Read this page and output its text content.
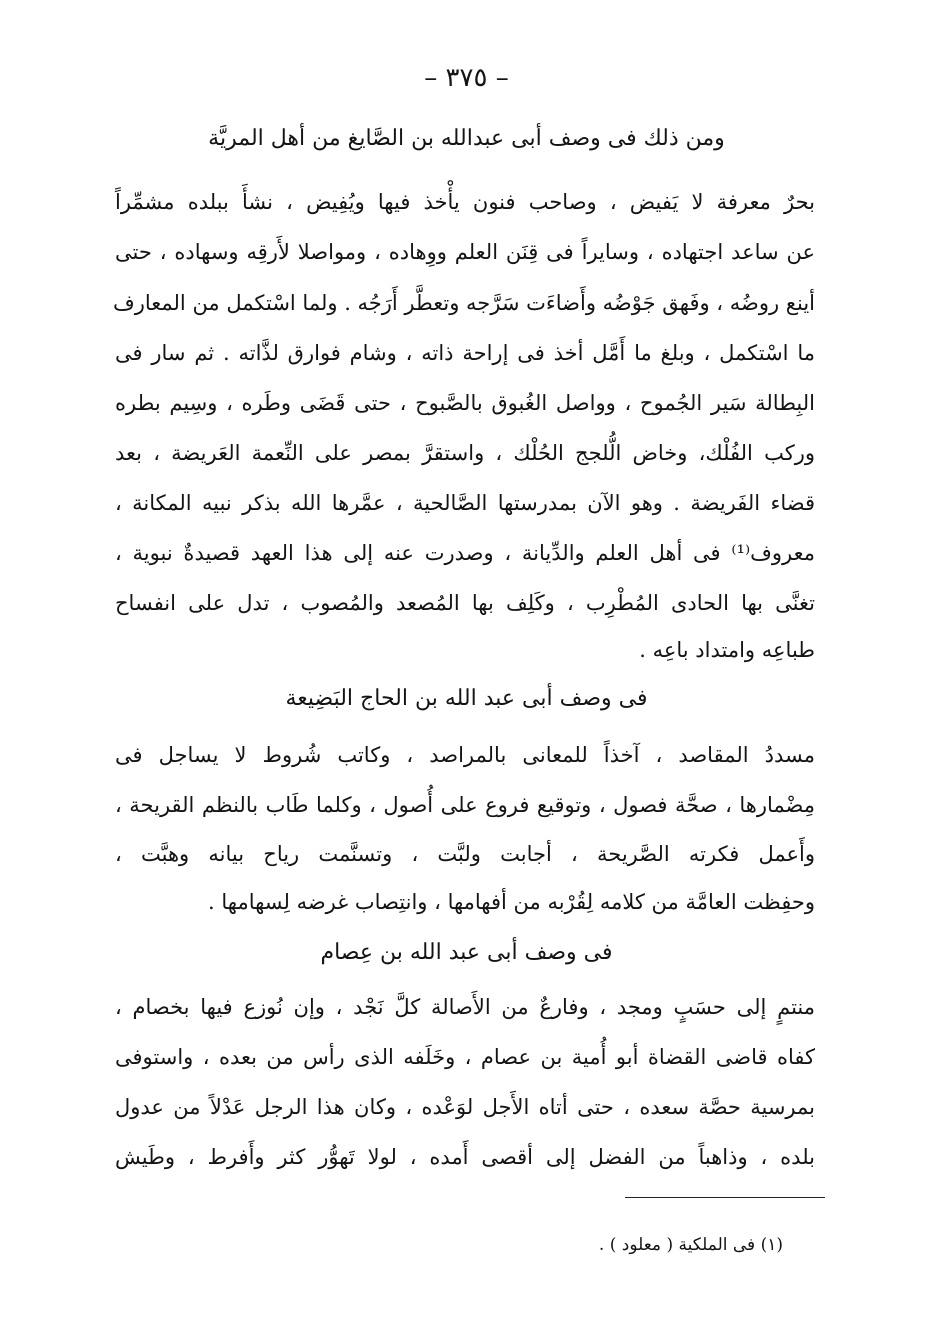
– ٣٧٥ –
ومن ذلك فى وصف أبى عبدالله بن الصَّايغ من أهل المريَّة
بحرٌ معرفة لا يَفيض ، وصاحب فنون يأْخذ فيها ويُفِيض ، نشأَ ببلده مشمِّراً
عن ساعد اجتهاده ، وسايراً فى قِنَن العلم ووِهاده ، ومواصلا لأَرقِه وسهاده ، حتى
أينع روضُه ، وفَهق جَوْضُه وأَضاءَت سَرَّجه وتعطَّر أَرَجُه . ولما اسْتكمل من المعارف
ما اسْتكمل ، وبلغ ما أَمَّل أخذ فى إراحة ذاته ، وشام فوارق لذَّاته . ثم سار فى
البِطالة سَير الجُموح ، وواصل الغُبوق بالصَّبوح ، حتى قَضَى وطَره ، وسِيم بطره
وركب الفُلْك، وخاض الُّلجج الحُلْك ، واستقرَّ بمصر على النِّعمة العَريضة ، بعد
قضاء الفَريضة . وهو الآن بمدرستها الصَّالحية ، عمَّرها الله بذكر نبيه المكانة ،
معروف⁽¹⁾ فى أهل العلم والدِّيانة ، وصدرت عنه إلى هذا العهد قصيدةٌ نبوية ،
تغنَّى بها الحادى المُطْرِب ، وكَلِف بها المُصعد والمُصوب ، تدل على انفساح
طباعِه وامتداد باعِه .
فى وصف أبى عبد الله بن الحاج البَضِيعة
مسددُ المقاصد ، آخذاً للمعانى بالمراصد ، وكاتب شُروط لا يساجل فى
مِضْمارها ، صحَّة فصول ، وتوقيع فروع على أُصول ، وكلما طَاب بالنظم القريحة ،
وأَعمل فكرته الصَّريحة ، أجابت ولبَّت ، وتسنَّمت رياح بيانه وهبَّت ،
وحفِظت العامَّة من كلامه لِقُرْبه من أفهامها ، وانتِصاب غرضه لِسهامها .
فى وصف أبى عبد الله بن عِصام
منتمٍ إلى حسَبٍ ومجد ، وفارعٌ من الأَصالة كلَّ نَجْد ، وإن نُوزع فيها بخصام ،
كفاه قاضى القضاة أبو أُمية بن عصام ، وخَلَفه الذى رأس من بعده ، واستوفى
بمرسية حصَّة سعده ، حتى أتاه الأَجل لوَعْده ، وكان هذا الرجل عَدْلاً من عدول
بلده ، وذاهباً من الفضل إلى أقصى أَمده ، لولا تَهوُّر كثر وأَفرط ، وطَيش
(١) فى الملكية ( معلود ) .
